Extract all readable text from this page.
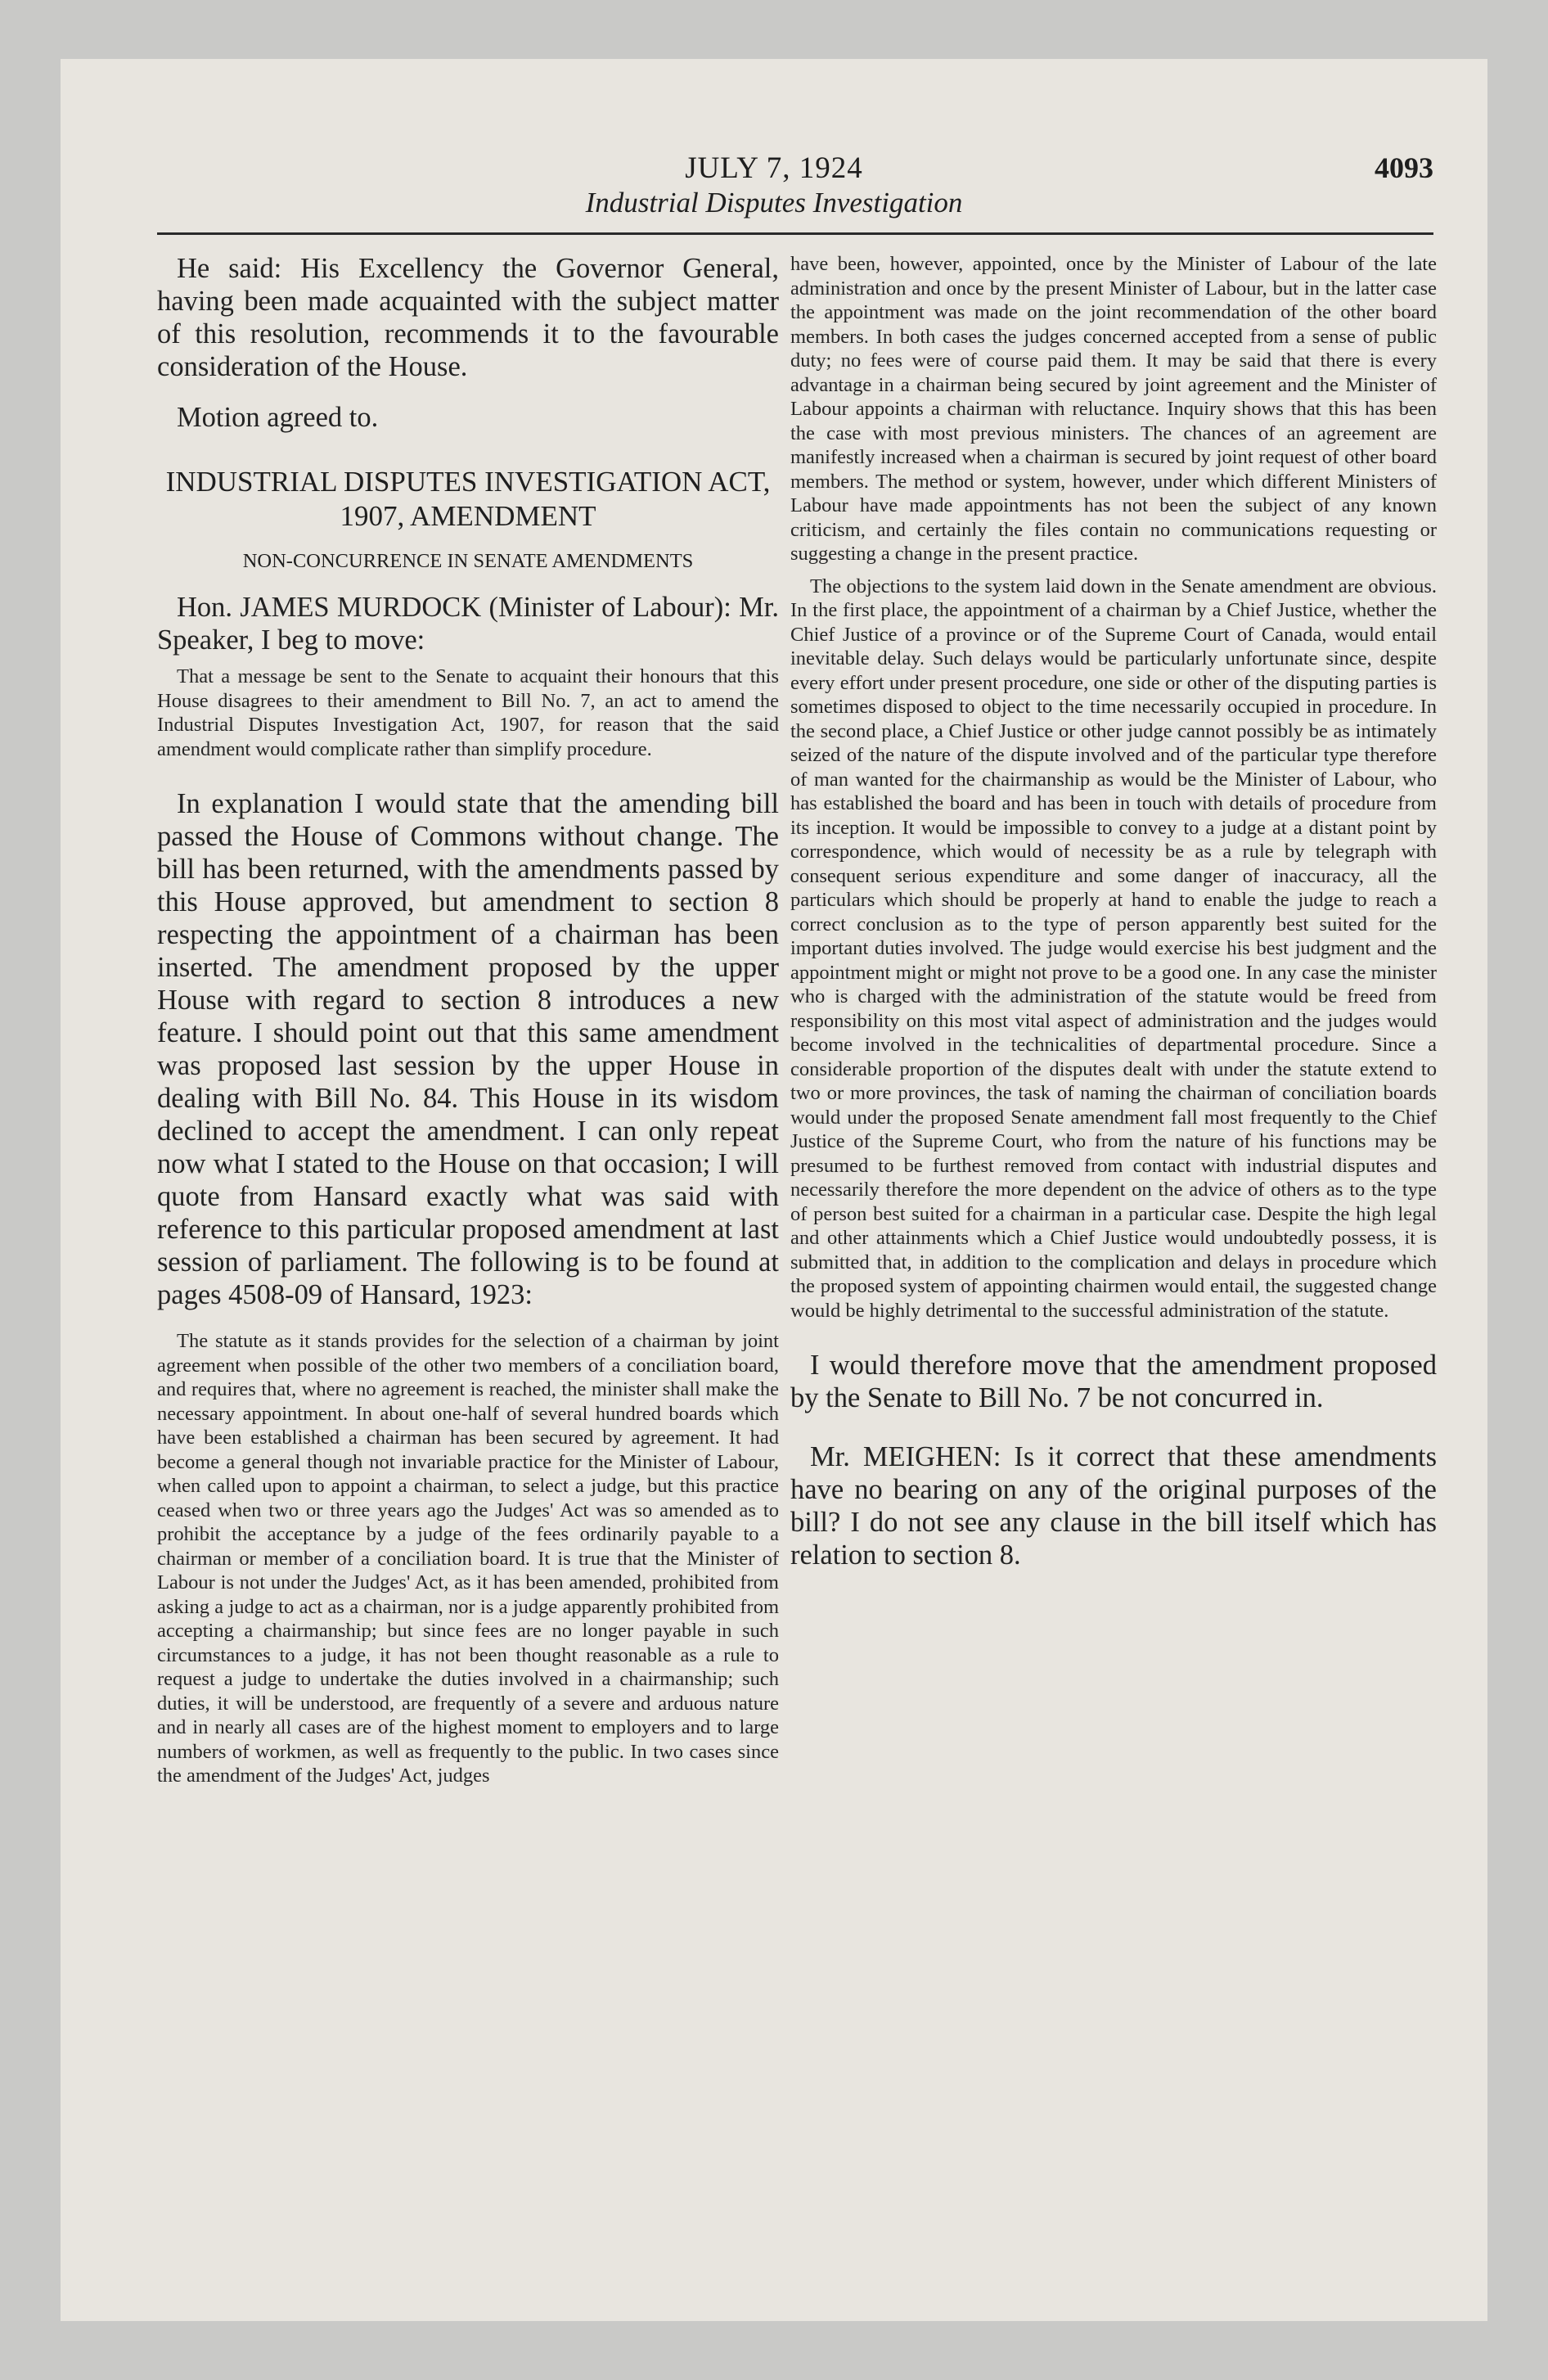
JULY 7, 1924
Industrial Disputes Investigation
4093

He said: His Excellency the Governor General, having been made acquainted with the subject matter of this resolution, recommends it to the favourable consideration of the House.

Motion agreed to.

INDUSTRIAL DISPUTES INVESTIGATION ACT, 1907, AMENDMENT

NON-CONCURRENCE IN SENATE AMENDMENTS

Hon. JAMES MURDOCK (Minister of Labour): Mr. Speaker, I beg to move:

That a message be sent to the Senate to acquaint their honours that this House disagrees to their amendment to Bill No. 7, an act to amend the Industrial Disputes Investigation Act, 1907, for reason that the said amendment would complicate rather than simplify procedure.

In explanation I would state that the amending bill passed the House of Commons without change. The bill has been returned, with the amendments passed by this House approved, but amendment to section 8 respecting the appointment of a chairman has been inserted. The amendment proposed by the upper House with regard to section 8 introduces a new feature. I should point out that this same amendment was proposed last session by the upper House in dealing with Bill No. 84. This House in its wisdom declined to accept the amendment. I can only repeat now what I stated to the House on that occasion; I will quote from Hansard exactly what was said with reference to this particular proposed amendment at last session of parliament. The following is to be found at pages 4508-09 of Hansard, 1923:

The statute as it stands provides for the selection of a chairman by joint agreement when possible of the other two members of a conciliation board, and requires that, where no agreement is reached, the minister shall make the necessary appointment. In about one-half of several hundred boards which have been established a chairman has been secured by agreement. It had become a general though not invariable practice for the Minister of Labour, when called upon to appoint a chairman, to select a judge, but this practice ceased when two or three years ago the Judges' Act was so amended as to prohibit the acceptance by a judge of the fees ordinarily payable to a chairman or member of a conciliation board. It is true that the Minister of Labour is not under the Judges' Act, as it has been amended, prohibited from asking a judge to act as a chairman, nor is a judge apparently prohibited from accepting a chairmanship; but since fees are no longer payable in such circumstances to a judge, it has not been thought reasonable as a rule to request a judge to undertake the duties involved in a chairmanship; such duties, it will be understood, are frequently of a severe and arduous nature and in nearly all cases are of the highest moment to employers and to large numbers of workmen, as well as frequently to the public. In two cases since the amendment of the Judges' Act, judges

have been, however, appointed, once by the Minister of Labour of the late administration and once by the present Minister of Labour, but in the latter case the appointment was made on the joint recommendation of the other board members. In both cases the judges concerned accepted from a sense of public duty; no fees were of course paid them. It may be said that there is every advantage in a chairman being secured by joint agreement and the Minister of Labour appoints a chairman with reluctance. Inquiry shows that this has been the case with most previous ministers. The chances of an agreement are manifestly increased when a chairman is secured by joint request of other board members. The method or system, however, under which different Ministers of Labour have made appointments has not been the subject of any known criticism, and certainly the files contain no communications requesting or suggesting a change in the present practice.

The objections to the system laid down in the Senate amendment are obvious. In the first place, the appointment of a chairman by a Chief Justice, whether the Chief Justice of a province or of the Supreme Court of Canada, would entail inevitable delay. Such delays would be particularly unfortunate since, despite every effort under present procedure, one side or other of the disputing parties is sometimes disposed to object to the time necessarily occupied in procedure. In the second place, a Chief Justice or other judge cannot possibly be as intimately seized of the nature of the dispute involved and of the particular type therefore of man wanted for the chairmanship as would be the Minister of Labour, who has established the board and has been in touch with details of procedure from its inception. It would be impossible to convey to a judge at a distant point by correspondence, which would of necessity be as a rule by telegraph with consequent serious expenditure and some danger of inaccuracy, all the particulars which should be properly at hand to enable the judge to reach a correct conclusion as to the type of person apparently best suited for the important duties involved. The judge would exercise his best judgment and the appointment might or might not prove to be a good one. In any case the minister who is charged with the administration of the statute would be freed from responsibility on this most vital aspect of administration and the judges would become involved in the technicalities of departmental procedure. Since a considerable proportion of the disputes dealt with under the statute extend to two or more provinces, the task of naming the chairman of conciliation boards would under the proposed Senate amendment fall most frequently to the Chief Justice of the Supreme Court, who from the nature of his functions may be presumed to be furthest removed from contact with industrial disputes and necessarily therefore the more dependent on the advice of others as to the type of person best suited for a chairman in a particular case. Despite the high legal and other attainments which a Chief Justice would undoubtedly possess, it is submitted that, in addition to the complication and delays in procedure which the proposed system of appointing chairmen would entail, the suggested change would be highly detrimental to the successful administration of the statute.

I would therefore move that the amendment proposed by the Senate to Bill No. 7 be not concurred in.

Mr. MEIGHEN: Is it correct that these amendments have no bearing on any of the original purposes of the bill? I do not see any clause in the bill itself which has relation to section 8.
